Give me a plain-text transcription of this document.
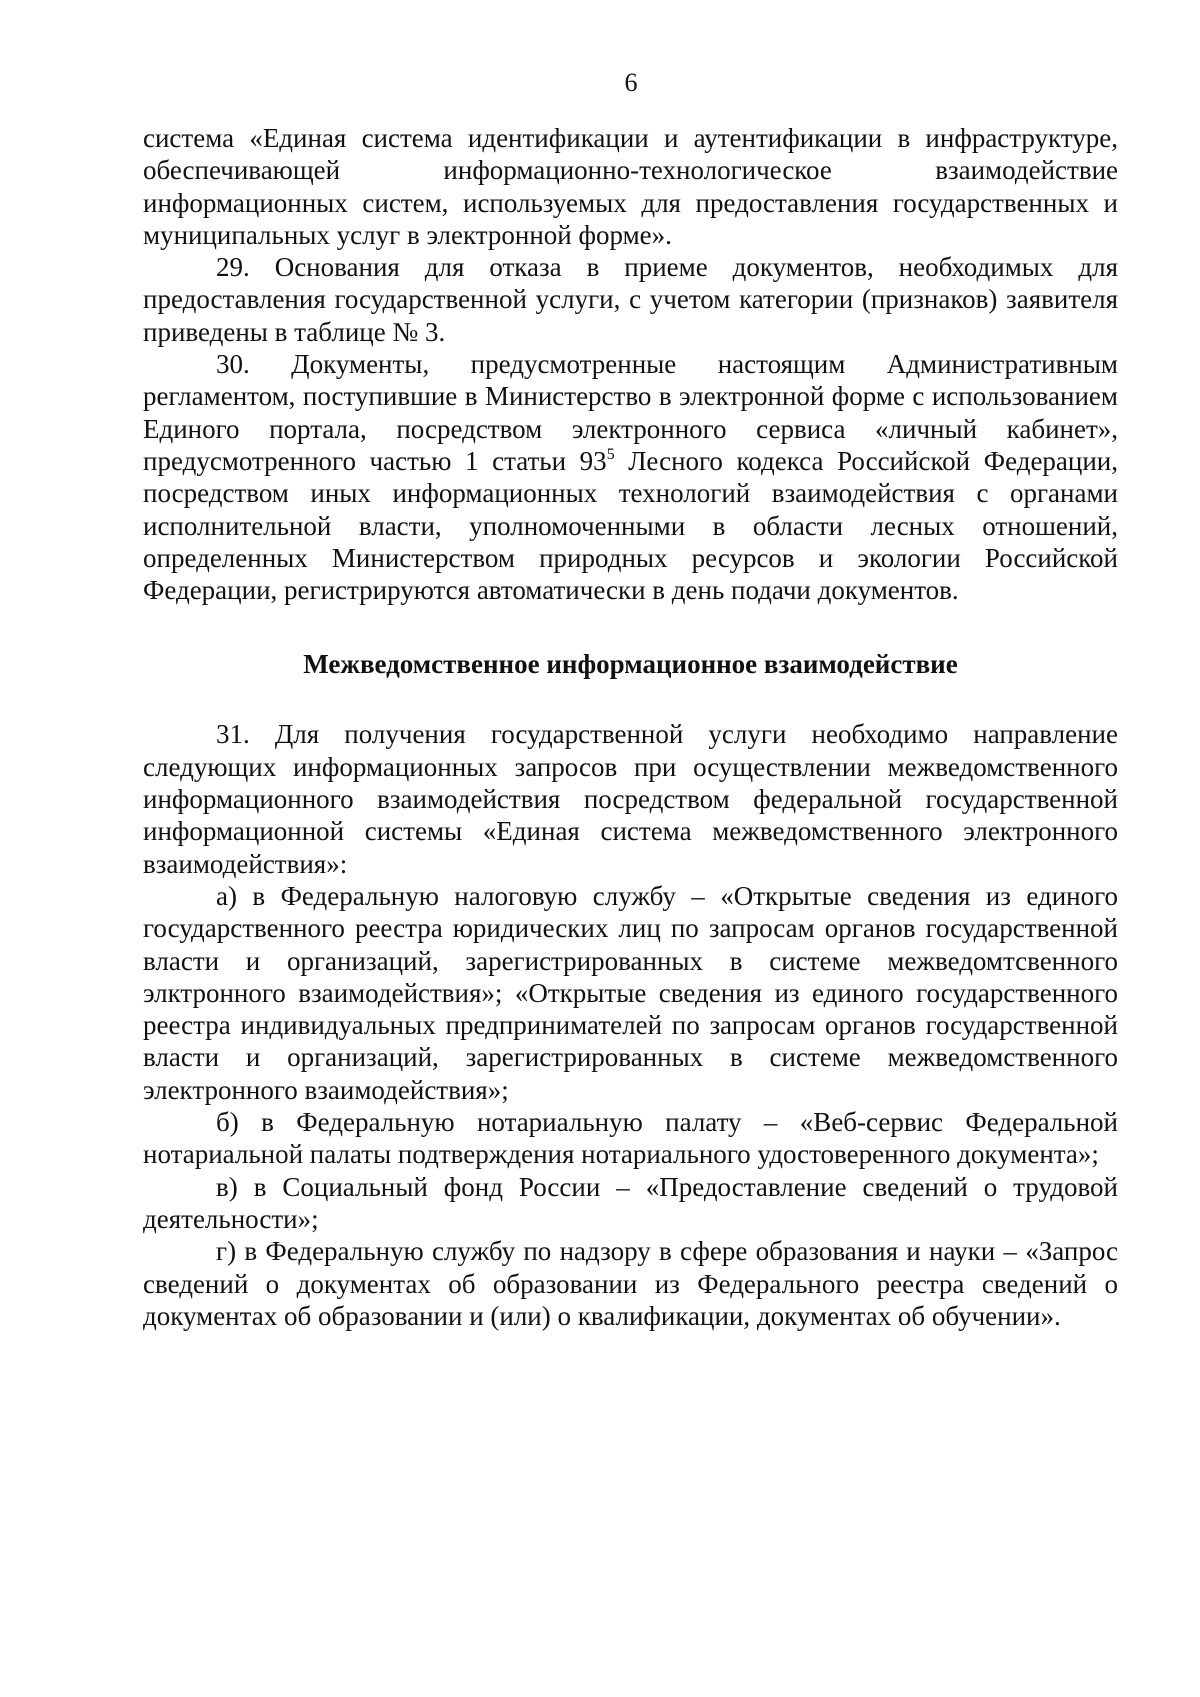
6

система «Единая система идентификации и аутентификации в инфраструктуре, обеспечивающей информационно-технологическое взаимодействие информационных систем, используемых для предоставления государственных и муниципальных услуг в электронной форме».

29. Основания для отказа в приеме документов, необходимых для предоставления государственной услуги, с учетом категории (признаков) заявителя приведены в таблице № 3.

30. Документы, предусмотренные настоящим Административным регламентом, поступившие в Министерство в электронной форме с использованием Единого портала, посредством электронного сервиса «личный кабинет», предусмотренного частью 1 статьи $93^5$ Лесного кодекса Российской Федерации, посредством иных информационных технологий взаимодействия с органами исполнительной власти, уполномоченными в области лесных отношений, определенных Министерством природных ресурсов и экологии Российской Федерации, регистрируются автоматически в день подачи документов.

Межведомственное информационное взаимодействие

31. Для получения государственной услуги необходимо направление следующих информационных запросов при осуществлении межведомственного информационного взаимодействия посредством федеральной государственной информационной системы «Единая система межведомственного электронного взаимодействия»:

а) в Федеральную налоговую службу – «Открытые сведения из единого государственного реестра юридических лиц по запросам органов государственной власти и организаций, зарегистрированных в системе межведомтсвенного элктронного взаимодействия»; «Открытые сведения из единого государственного реестра индивидуальных предпринимателей по запросам органов государственной власти и организаций, зарегистрированных в системе межведомственного электронного взаимодействия»;

б) в Федеральную нотариальную палату – «Веб-сервис Федеральной нотариальной палаты подтверждения нотариального удостоверенного документа»;

в) в Социальный фонд России – «Предоставление сведений о трудовой деятельности»;

г) в Федеральную службу по надзору в сфере образования и науки – «Запрос сведений о документах об образовании из Федерального реестра сведений о документах об образовании и (или) о квалификации, документах об обучении».
